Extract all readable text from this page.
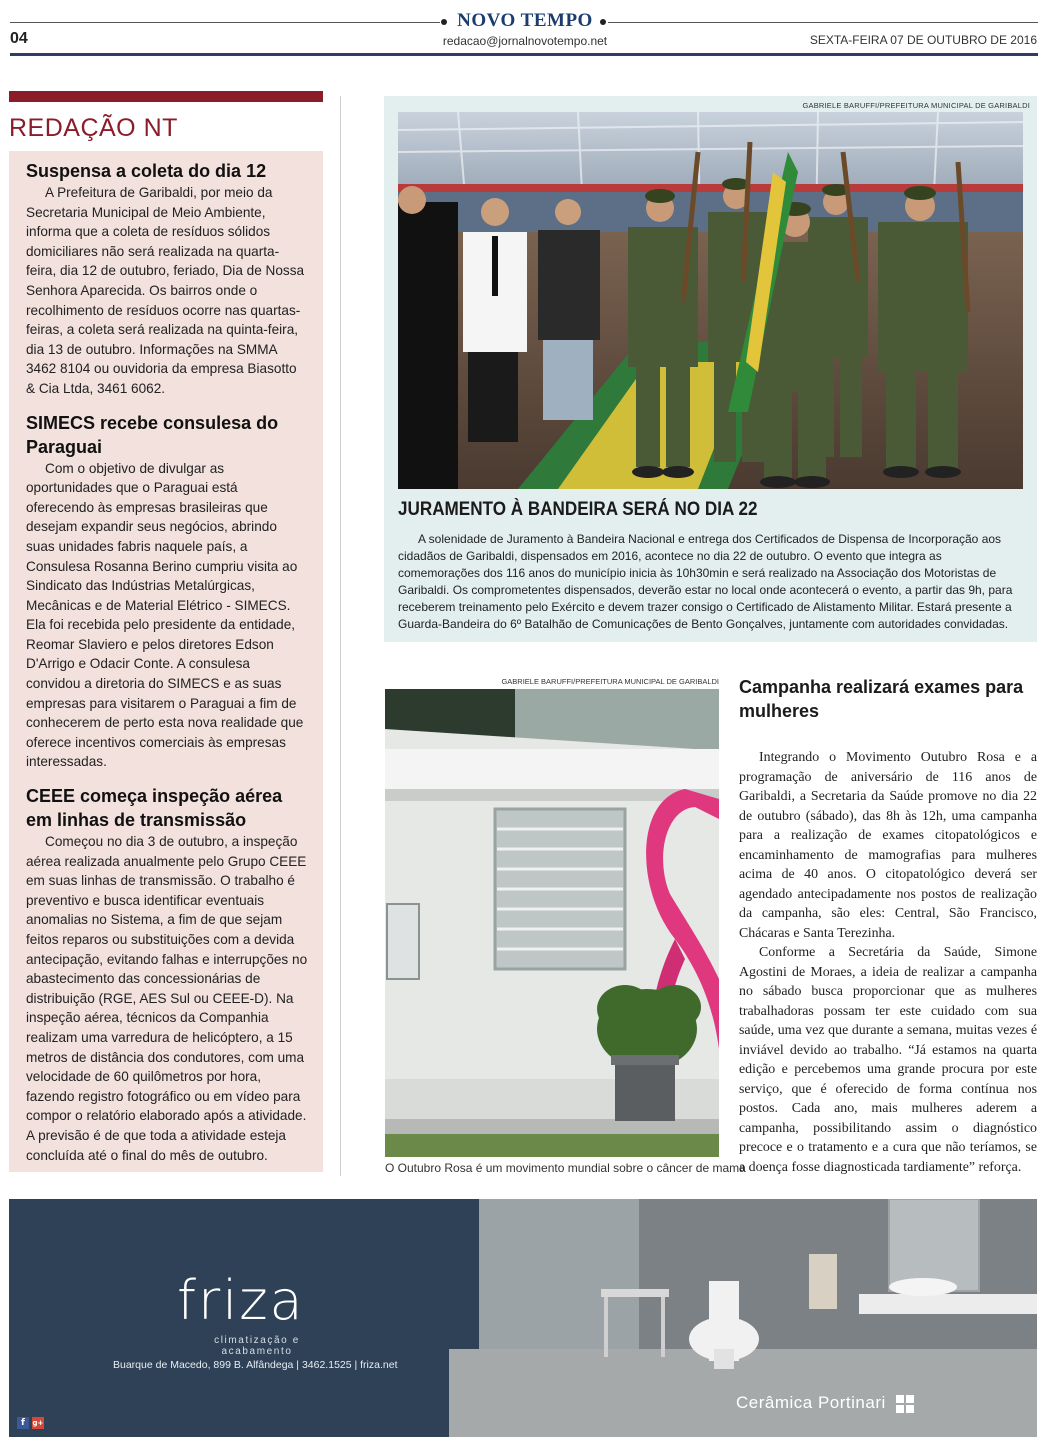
NOVO TEMPO
04	redacao@jornalnovotempo.net	SEXTA-FEIRA 07 DE OUTUBRO DE 2016
REDAÇÃO NT
Suspensa a coleta do dia 12

A Prefeitura de Garibaldi, por meio da Secretaria Municipal de Meio Ambiente, informa que a coleta de resíduos sólidos domiciliares não será realizada na quarta-feira, dia 12 de outubro, feriado, Dia de Nossa Senhora Aparecida. Os bairros onde o recolhimento de resíduos ocorre nas quartas-feiras, a coleta será realizada na quinta-feira, dia 13 de outubro. Informações na SMMA 3462 8104 ou ouvidoria da empresa Biasotto & Cia Ltda, 3461 6062.

SIMECS recebe consulesa do Paraguai

Com o objetivo de divulgar as oportunidades que o Paraguai está oferecendo às empresas brasileiras que desejam expandir seus negócios, abrindo suas unidades fabris naquele país, a Consulesa Rosanna Berino cumpriu visita ao Sindicato das Indústrias Metalúrgicas, Mecânicas e de Material Elétrico - SIMECS. Ela foi recebida pelo presidente da entidade, Reomar Slaviero e pelos diretores Edson D'Arrigo e Odacir Conte. A consulesa convidou a diretoria do SIMECS e as suas empresas para visitarem o Paraguai a fim de conhecerem de perto esta nova realidade que oferece incentivos comerciais às empresas interessadas.

CEEE começa inspeção aérea em linhas de transmissão

Começou no dia 3 de outubro, a inspeção aérea realizada anualmente pelo Grupo CEEE em suas linhas de transmissão. O trabalho é preventivo e busca identificar eventuais anomalias no Sistema, a fim de que sejam feitos reparos ou substituições com a devida antecipação, evitando falhas e interrupções no abastecimento das concessionárias de distribuição (RGE, AES Sul ou CEEE-D). Na inspeção aérea, técnicos da Companhia realizam uma varredura de helicóptero, a 15 metros de distância dos condutores, com uma velocidade de 60 quilômetros por hora, fazendo registro fotográfico ou em vídeo para compor o relatório elaborado após a atividade. A previsão é de que toda a atividade esteja concluída até o final do mês de outubro.

GABRIELE BARUFFI/PREFEITURA MUNICIPAL DE GARIBALDI
JURAMENTO À BANDEIRA SERÁ NO DIA 22

A solenidade de Juramento à Bandeira Nacional e entrega dos Certificados de Dispensa de Incorporação aos cidadãos de Garibaldi, dispensados em 2016, acontece no dia 22 de outubro. O evento que integra as comemorações dos 116 anos do município inicia às 10h30min e será realizado na Associação dos Motoristas de Garibaldi. Os comprometentes dispensados, deverão estar no local onde acontecerá o evento, a partir das 9h, para receberem treinamento pelo Exército e devem trazer consigo o Certificado de Alistamento Militar. Estará presente a Guarda-Bandeira do 6º Batalhão de Comunicações de Bento Gonçalves, juntamente com autoridades convidadas.

GABRIELE BARUFFI/PREFEITURA MUNICIPAL DE GARIBALDI
O Outubro Rosa é um movimento mundial sobre o câncer de mama
Campanha realizará exames para mulheres

Integrando o Movimento Outubro Rosa e a programação de aniversário de 116 anos de Garibaldi, a Secretaria da Saúde promove no dia 22 de outubro (sábado), das 8h às 12h, uma campanha para a realização de exames citopatológicos e encaminhamento de mamografias para mulheres acima de 40 anos. O citopatológico deverá ser agendado antecipadamente nos postos de realização da campanha, são eles: Central, São Francisco, Chácaras e Santa Terezinha.

Conforme a Secretária da Saúde, Simone Agostini de Moraes, a ideia de realizar a campanha no sábado busca proporcionar que as mulheres trabalhadoras possam ter este cuidado com sua saúde, uma vez que durante a semana, muitas vezes é inviável devido ao trabalho. “Já estamos na quarta edição e percebemos uma grande procura por este serviço, que é oferecido de forma contínua nos postos. Cada ano, mais mulheres aderem a campanha, possibilitando assim o diagnóstico precoce e o tratamento e a cura que não teríamos, se a doença fosse diagnosticada tardiamente” reforça.

friza
climatização e acabamento
Buarque de Macedo, 899 B. Alfândega | 3462.1525 | friza.net
f	g+
Cerâmica Portinari
